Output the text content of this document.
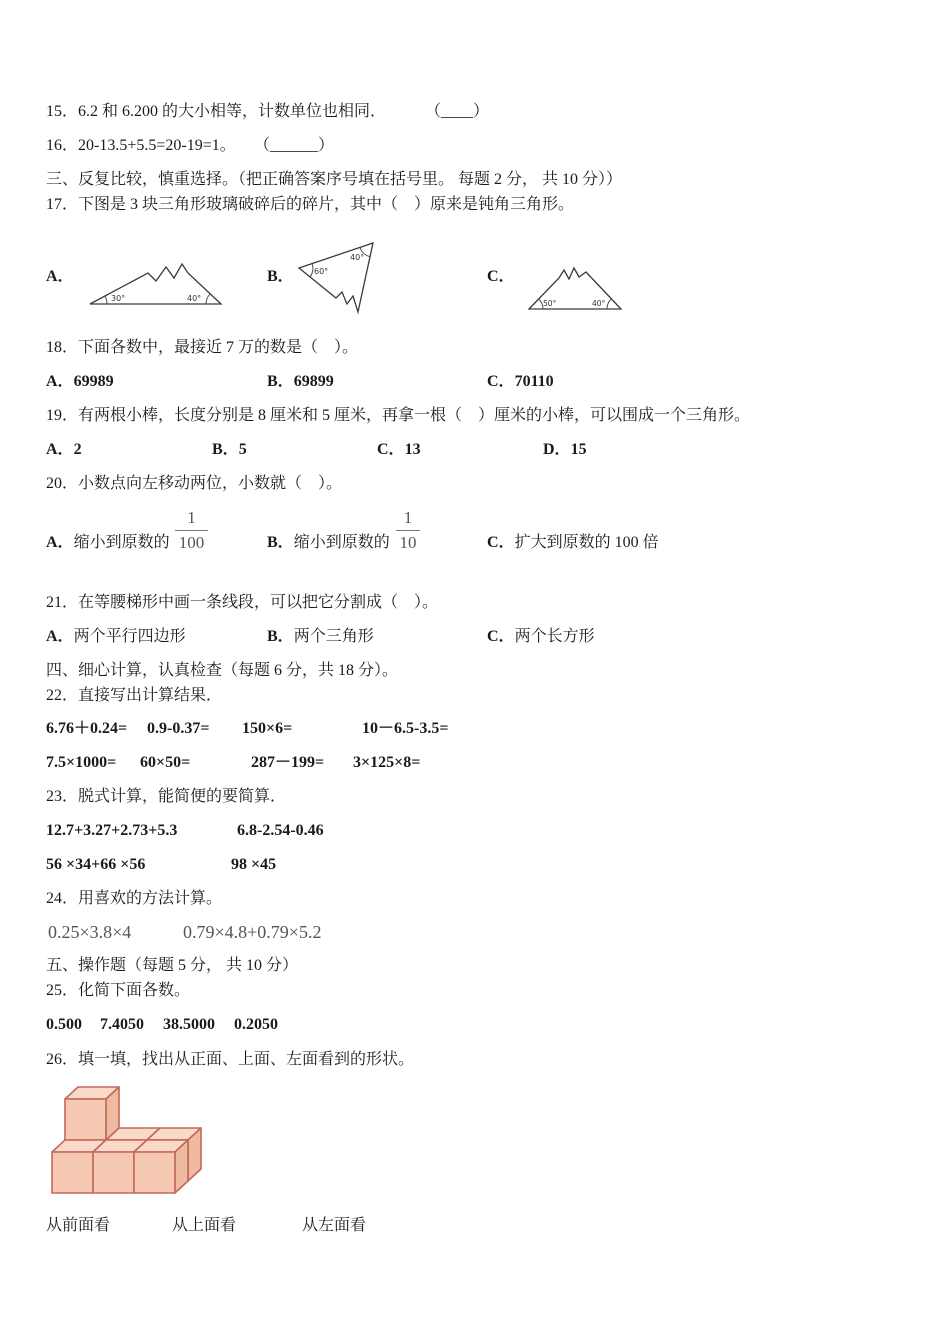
15．6.2 和 6.200 的大小相等，计数单位也相同． （____）
16．20-13.5+5.5=20-19=1。 （______）
三、反复比较，慎重选择。（把正确答案序号填在括号里。 每题 2 分， 共 10 分））
17．下图是 3 块三角形玻璃破碎后的碎片，其中（　）原来是钝角三角形。
A．
30°	40°
B．	60°
40°
C．
50°	40°
18．下面各数中，最接近 7 万的数是（　）。
A．69989	B．69899	C．70110
19．有两根小棒，长度分别是 8 厘米和 5 厘米，再拿一根（　）厘米的小棒，可以围成一个三角形。
A．2	B．5	C．13	D．15
20．小数点向左移动两位，小数就（　）。
A．缩小到原数的
1
100	B．缩小到原数的
1
10	C．扩大到原数的 100 倍
21．在等腰梯形中画一条线段，可以把它分割成（　）。
A．两个平行四边形	B．两个三角形	C．两个长方形
四、细心计算，认真检查（每题 6 分，共 18 分）。
22．直接写出计算结果．
6.76＋0.24= 0.9-0.37= 150×6=	10－6.5-3.5=
7.5×1000= 60×50=	287－199= 3×125×8=
23．脱式计算，能简便的要简算．
12.7+3.27+2.73+5.3	6.8-2.54-0.46
56 ×34+66 ×56	98 ×45
24．用喜欢的方法计算。
0.25×3.8×4	0.79×4.8+0.79×5.2
五、操作题（每题 5 分， 共 10 分）
25．化简下面各数。
0.500 7.4050 38.5000 0.2050
26．填一填，找出从正面、上面、左面看到的形状。
从前面看	从上面看	从左面看
